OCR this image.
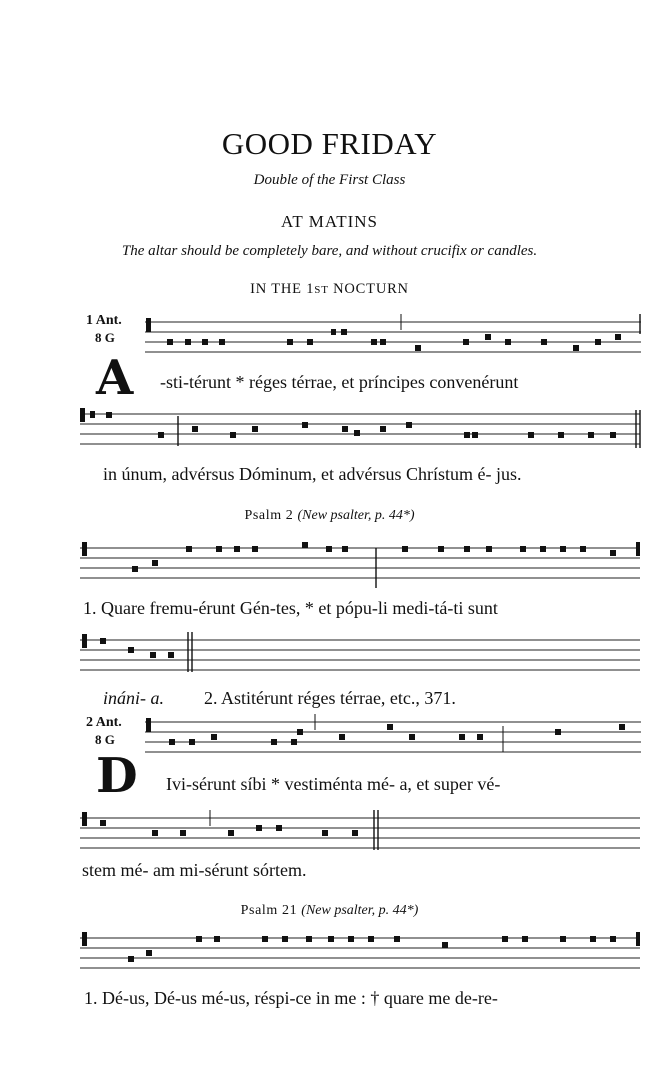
GOOD FRIDAY
Double of the First Class
AT MATINS
The altar should be completely bare, and without crucifix or candles.
IN THE 1ST NOCTURN
1 Ant.
8 G
A -sti-térunt * réges térrae, et príncipes convenérunt
in únum, advérsus Dóminum, et advérsus Chrístum é- jus.
Psalm 2 (New psalter, p. 44*)
1. Quare fremu-érunt Gén-tes, * et pópu-li medi-tá-ti sunt
ináni- a. 2. Astitérunt réges térrae, etc., 371.
2 Ant.
8 G
D Ivi-sérunt síbi * vestiménta mé- a, et super vé-
stem mé- am mi-sérunt sórtem.
Psalm 21 (New psalter, p. 44*)
1. Dé-us, Dé-us mé-us, réspi-ce in me : † quare me de-re-
